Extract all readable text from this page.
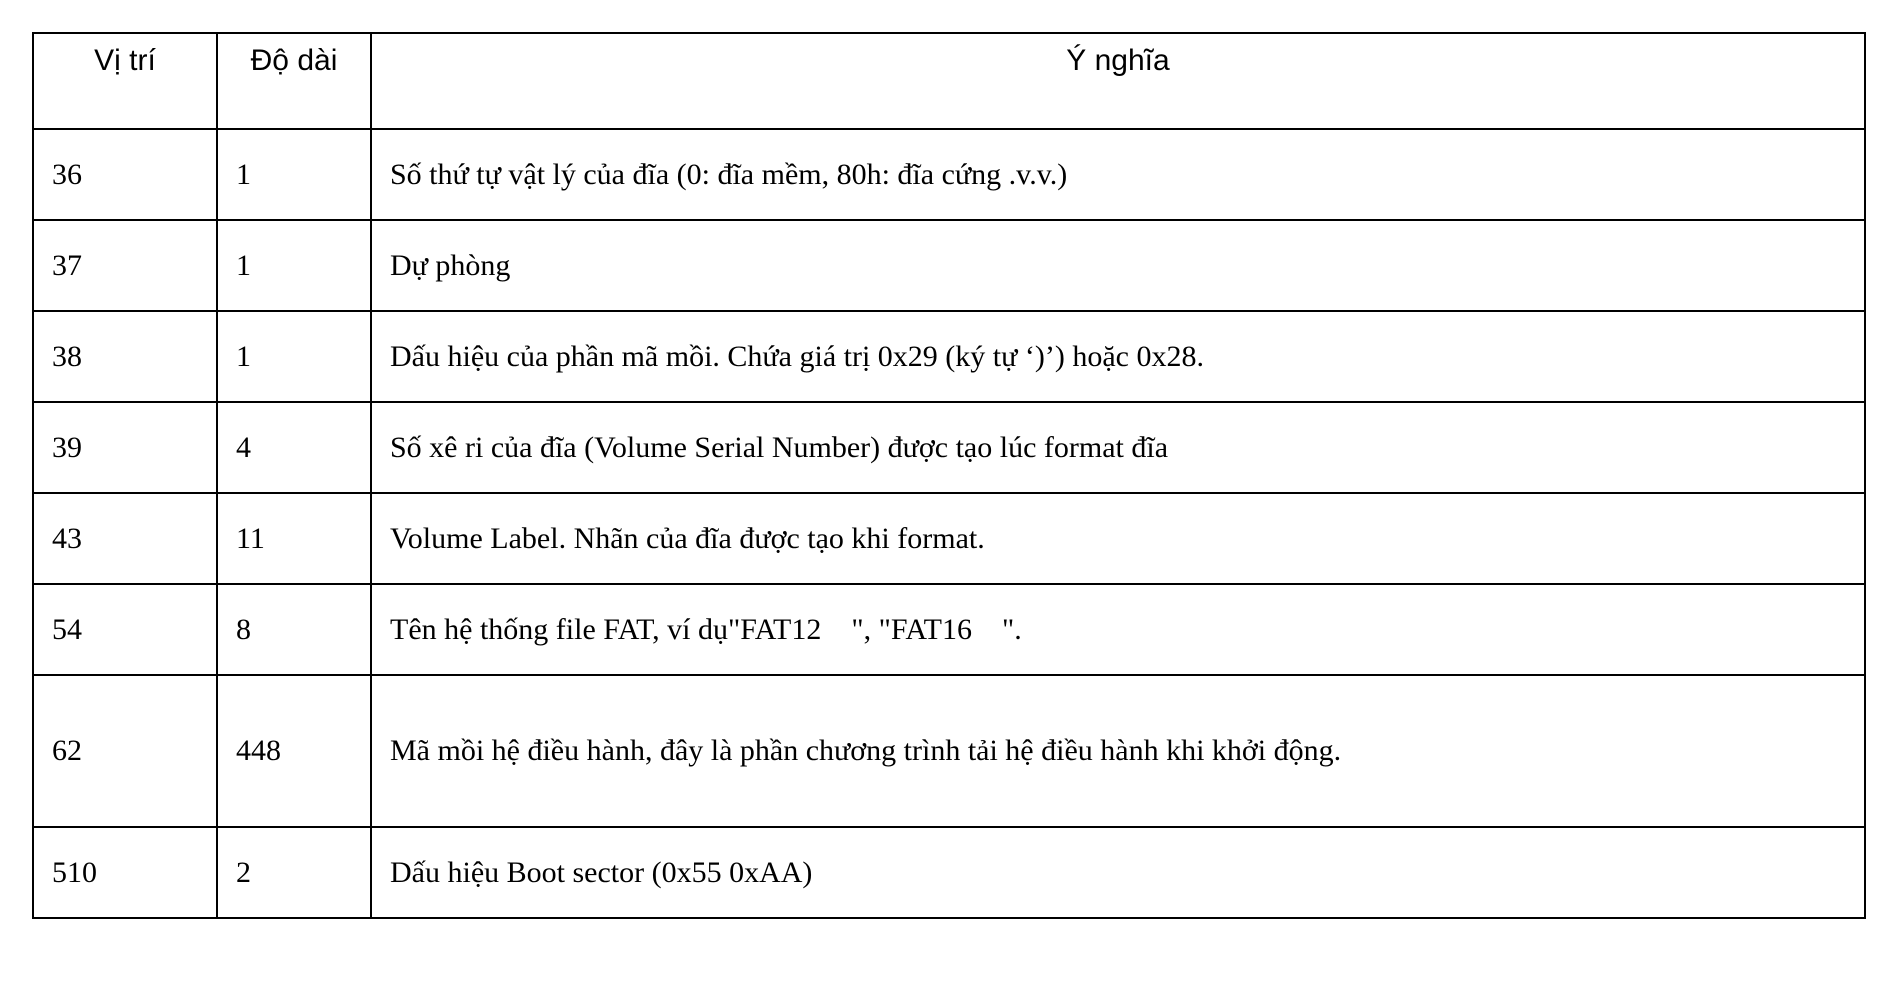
Vị trí	Độ dài	Ý nghĩa
36	1	Số thứ tự vật lý của đĩa (0: đĩa mềm, 80h: đĩa cứng .v.v.)
37	1	Dự phòng
38	1	Dấu hiệu của phần mã mồi. Chứa giá trị 0x29 (ký tự ‘)’) hoặc 0x28.
39	4	Số xê ri của đĩa (Volume Serial Number) được tạo lúc format đĩa
43	11	Volume Label. Nhãn của đĩa được tạo khi format.
54	8	Tên hệ thống file FAT, ví dụ"FAT12    ", "FAT16    ".
62	448	Mã mồi hệ điều hành, đây là phần chương trình tải hệ điều hành khi khởi động.
510	2	Dấu hiệu Boot sector (0x55 0xAA)
